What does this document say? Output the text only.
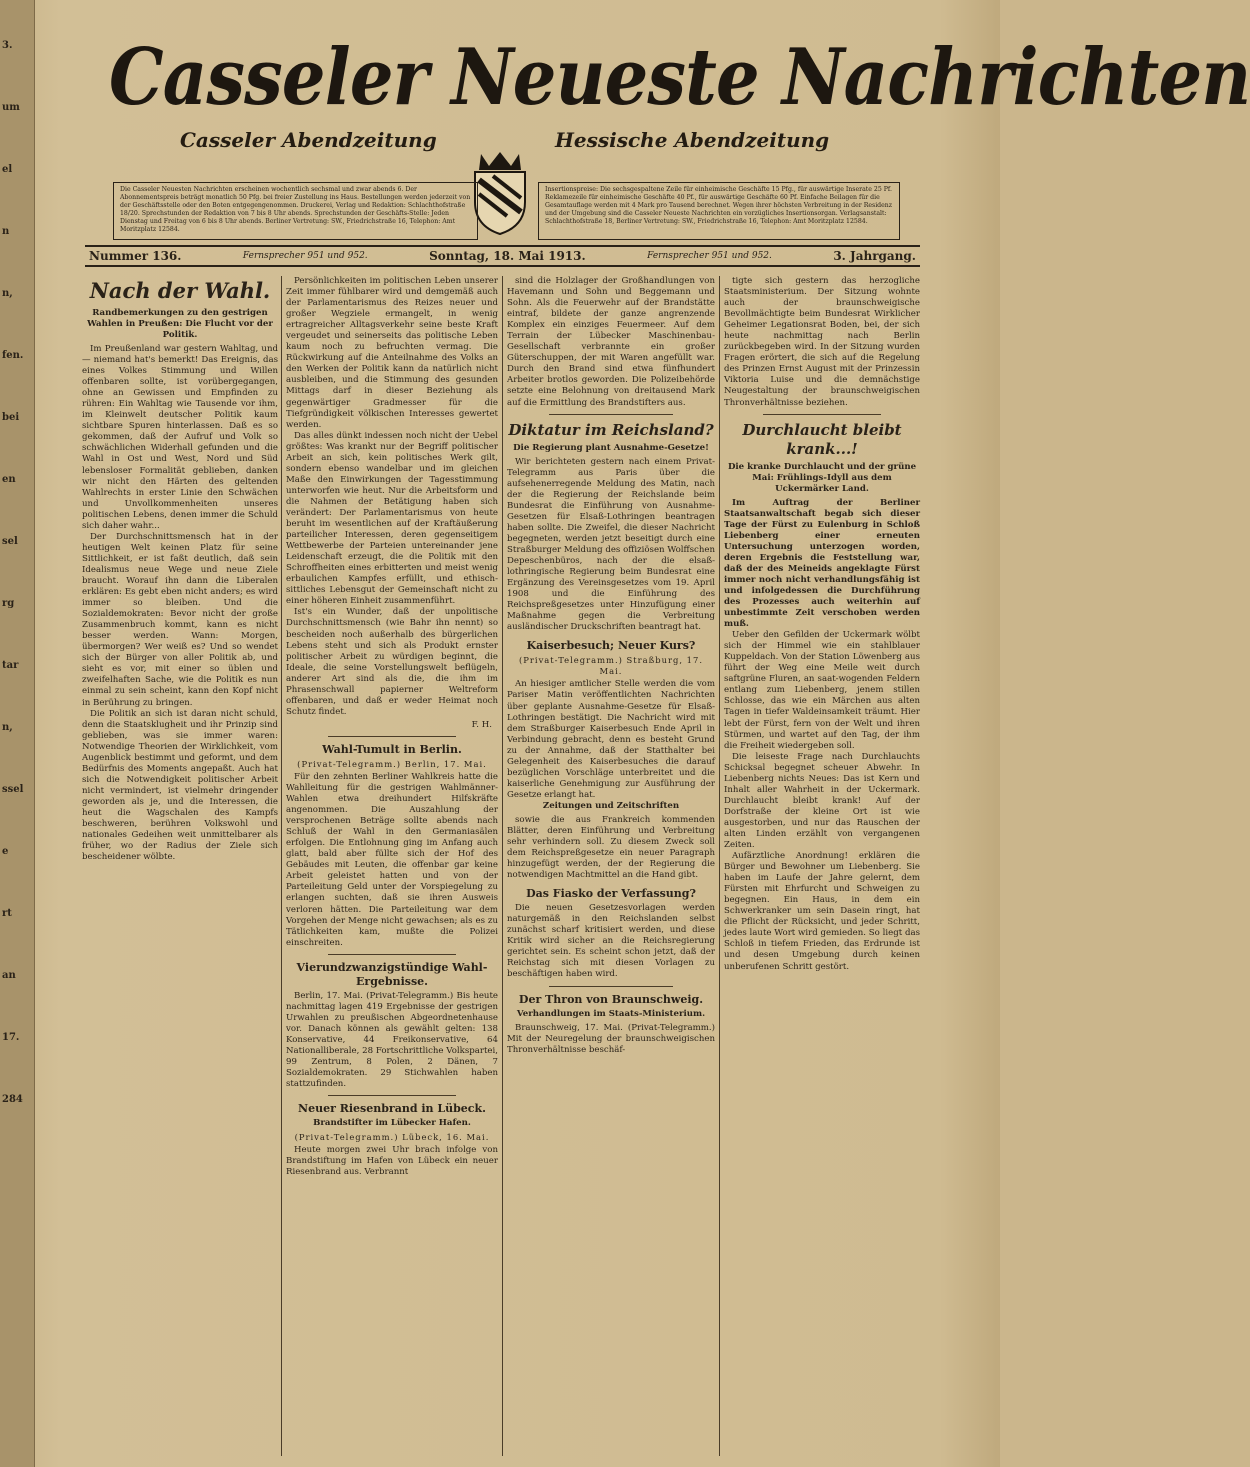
3.
um
el
n
n,
fen.
bei
en
sel
rg
tar
n,
ssel
e
rt
an
17.
284
Casseler Neueste Nachrichten
Casseler Abendzeitung	Hessische Abendzeitung
Die Casseler Neuesten Nachrichten erscheinen wochentlich sechsmal und zwar abends 6. Der Abonnementspreis beträgt monatlich 50 Pfg. bei freier Zustellung ins Haus. Bestellungen werden jederzeit von der Geschäftsstelle oder den Boten entgegengenommen. Druckerei, Verlag und Redaktion: Schlachthofstraße 18/20. Sprechstunden der Redaktion von 7 bis 8 Uhr abends. Sprechstunden der Geschäfts-Stelle: Jeden Dienstag und Freitag von 6 bis 8 Uhr abends. Berliner Vertretung: SW., Friedrichstraße 16, Telephon: Amt Moritzplatz 12584.
Insertionspreise: Die sechsgespaltene Zeile für einheimische Geschäfte 15 Pfg., für auswärtige Inserate 25 Pf. Reklamezeile für einheimische Geschäfte 40 Pf., für auswärtige Geschäfte 60 Pf. Einfache Beilagen für die Gesamtauflage werden mit 4 Mark pro Tausend berechnet. Wegen ihrer höchsten Verbreitung in der Residenz und der Umgebung sind die Casseler Neueste Nachrichten ein vorzügliches Insertionsorgan. Verlagsanstalt: Schlachthofstraße 18, Berliner Vertretung: SW., Friedrichstraße 16, Telephon: Amt Moritzplatz 12584.
Nummer 136.	Fernsprecher 951 und 952.	Sonntag, 18. Mai 1913.	Fernsprecher 951 und 952.	3. Jahrgang.
Nach der Wahl.
Randbemerkungen zu den gestrigen Wahlen in Preußen: Die Flucht vor der Politik.

Im Preußenland war gestern Wahltag, und — niemand hat's bemerkt! Das Ereignis, das eines Volkes Stimmung und Willen offenbaren sollte, ist vorübergegangen, ohne an Gewissen und Empfinden zu rühren: Ein Wahltag wie Tausende vor ihm, im Kleinwelt deutscher Politik kaum sichtbare Spuren hinterlassen. Daß es so gekommen, daß der Aufruf und Volk so schwächlichen Widerhall gefunden und die Wahl in Ost und West, Nord und Süd lebensloser Formalität geblieben, danken wir nicht den Härten des geltenden Wahlrechts in erster Linie den Schwächen und Unvollkommenheiten unseres politischen Lebens, denen immer die Schuld sich daher wahr...

Der Durchschnittsmensch hat in der heutigen Welt keinen Platz für seine Sittlichkeit, er ist faßt deutlich, daß sein Idealismus neue Wege und neue Ziele braucht. Worauf ihn dann die Liberalen erklären: Es gebt eben nicht anders; es wird immer so bleiben. Und die Sozialdemokraten: Bevor nicht der große Zusammenbruch kommt, kann es nicht besser werden. Wann: Morgen, übermorgen? Wer weiß es? Und so wendet sich der Bürger von aller Politik ab, und sieht es vor, mit einer so üblen und zweifelhaften Sache, wie die Politik es nun einmal zu sein scheint, kann den Kopf nicht in Berührung zu bringen.

Die Politik an sich ist daran nicht schuld, denn die Staatsklugheit und ihr Prinzip sind geblieben, was sie immer waren: Notwendige Theorien der Wirklichkeit, vom Augenblick bestimmt und geformt, und dem Bedürfnis des Moments angepaßt. Auch hat sich die Notwendigkeit politischer Arbeit nicht vermindert, ist vielmehr dringender geworden als je, und die Interessen, die heut die Wagschalen des Kampfs beschweren, berühren Volkswohl und nationales Gedeihen weit unmittelbarer als früher, wo der Radius der Ziele sich bescheidener wölbte.

Persönlichkeiten im politischen Leben unserer Zeit immer fühlbarer wird und demgemäß auch der Parlamentarismus des Reizes neuer und großer Wegziele ermangelt, in wenig ertragreicher Alltagsverkehr seine beste Kraft vergeudet und seinerseits das politische Leben kaum noch zu befruchten vermag. Die Rückwirkung auf die Anteilnahme des Volks an den Werken der Politik kann da natürlich nicht ausbleiben, und die Stimmung des gesunden Mittags darf in dieser Beziehung als gegenwärtiger Gradmesser für die Tiefgründigkeit völkischen Interesses gewertet werden.

Das alles dünkt indessen noch nicht der Uebel größtes: Was krankt nur der Begriff politischer Arbeit an sich, kein politisches Werk gilt, sondern ebenso wandelbar und im gleichen Maße den Einwirkungen der Tagesstimmung unterworfen wie heut. Nur die Arbeitsform und die Nahmen der Betätigung haben sich verändert: Der Parlamentarismus von heute beruht im wesentlichen auf der Kraftäußerung parteilicher Interessen, deren gegenseitigem Wettbewerbe der Parteien untereinander jene Leidenschaft erzeugt, die die Politik mit den Schroffheiten eines erbitterten und meist wenig erbaulichen Kampfes erfüllt, und ethisch-sittliches Lebensgut der Gemeinschaft nicht zu einer höheren Einheit zusammenführt.

Ist's ein Wunder, daß der unpolitische Durchschnittsmensch (wie Bahr ihn nennt) so bescheiden noch außerhalb des bürgerlichen Lebens steht und sich als Produkt ernster politischer Arbeit zu würdigen beginnt, die Ideale, die seine Vorstellungswelt beflügeln, anderer Art sind als die, die ihm im Phrasenschwall papierner Weltreform offenbaren, und daß er weder Heimat noch Schutz findet.

F. H.
Wahl-Tumult in Berlin.
(Privat-Telegramm.) Berlin, 17. Mai.

Für den zehnten Berliner Wahlkreis hatte die Wahlleitung für die gestrigen Wahlmänner-Wahlen etwa dreihundert Hilfskräfte angenommen. Die Auszahlung der versprochenen Beträge sollte abends nach Schluß der Wahl in den Germaniasälen erfolgen. Die Entlohnung ging im Anfang auch glatt, bald aber füllte sich der Hof des Gebäudes mit Leuten, die offenbar gar keine Arbeit geleistet hatten und von der Parteileitung Geld unter der Vorspiegelung zu erlangen suchten, daß sie ihren Ausweis verloren hätten. Die Parteileitung war dem Vorgehen der Menge nicht gewachsen; als es zu Tätlichkeiten kam, mußte die Polizei einschreiten.

Vierundzwanzigstündige Wahl-Ergebnisse.

Berlin, 17. Mai. (Privat-Telegramm.) Bis heute nachmittag lagen 419 Ergebnisse der gestrigen Urwahlen zu preußischen Abgeordnetenhause vor. Danach können als gewählt gelten: 138 Konservative, 44 Freikonservative, 64 Nationalliberale, 28 Fortschrittliche Volkspartei, 99 Zentrum, 8 Polen, 2 Dänen, 7 Sozialdemokraten. 29 Stichwahlen haben stattzufinden.

Neuer Riesenbrand in Lübeck.
Brandstifter im Lübecker Hafen.
(Privat-Telegramm.) Lübeck, 16. Mai.

Heute morgen zwei Uhr brach infolge von Brandstiftung im Hafen von Lübeck ein neuer Riesenbrand aus. Verbrannt

sind die Holzlager der Großhandlungen von Havemann und Sohn und Beggemann und Sohn. Als die Feuerwehr auf der Brandstätte eintraf, bildete der ganze angrenzende Komplex ein einziges Feuermeer. Auf dem Terrain der Lübecker Maschinenbau-Gesellschaft verbrannte ein großer Güterschuppen, der mit Waren angefüllt war. Durch den Brand sind etwa fünfhundert Arbeiter brotlos geworden. Die Polizeibehörde setzte eine Belohnung von dreitausend Mark auf die Ermittlung des Brandstifters aus.

Diktatur im Reichsland?
Die Regierung plant Ausnahme-Gesetze!

Wir berichteten gestern nach einem Privat-Telegramm aus Paris über die aufsehenerregende Meldung des Matin, nach der die Regierung der Reichslande beim Bundesrat die Einführung von Ausnahme-Gesetzen für Elsaß-Lothringen beantragen haben sollte. Die Zweifel, die dieser Nachricht begegneten, werden jetzt beseitigt durch eine Straßburger Meldung des offiziösen Wolffschen Depeschenbüros, nach der die elsaß-lothringische Regierung beim Bundesrat eine Ergänzung des Vereinsgesetzes vom 19. April 1908 und die Einführung des Reichspreßgesetzes unter Hinzufügung einer Maßnahme gegen die Verbreitung ausländischer Druckschriften beantragt hat.

Kaiserbesuch; Neuer Kurs?
(Privat-Telegramm.) Straßburg, 17. Mai.

An hiesiger amtlicher Stelle werden die vom Pariser Matin veröffentlichten Nachrichten über geplante Ausnahme-Gesetze für Elsaß-Lothringen bestätigt. Die Nachricht wird mit dem Straßburger Kaiserbesuch Ende April in Verbindung gebracht, denn es besteht Grund zu der Annahme, daß der Statthalter bei Gelegenheit des Kaiserbesuches die darauf bezüglichen Vorschläge unterbreitet und die kaiserliche Genehmigung zur Ausführung der Gesetze erlangt hat.

Zeitungen und Zeitschriften

sowie die aus Frankreich kommenden Blätter, deren Einführung und Verbreitung sehr verhindern soll. Zu diesem Zweck soll dem Reichspreßgesetze ein neuer Paragraph hinzugefügt werden, der der Regierung die notwendigen Machtmittel an die Hand gibt.

Das Fiasko der Verfassung?

Die neuen Gesetzesvorlagen werden naturgemäß in den Reichslanden selbst zunächst scharf kritisiert werden, und diese Kritik wird sicher an die Reichsregierung gerichtet sein. Es scheint schon jetzt, daß der Reichstag sich mit diesen Vorlagen zu beschäftigen haben wird.

Der Thron von Braunschweig.
Verhandlungen im Staats-Ministerium.

Braunschweig, 17. Mai. (Privat-Telegramm.) Mit der Neuregelung der braunschweigischen Thronverhältnisse beschäf-

tigte sich gestern das herzogliche Staatsministerium. Der Sitzung wohnte auch der braunschweigische Bevollmächtigte beim Bundesrat Wirklicher Geheimer Legationsrat Boden, bei, der sich heute nachmittag nach Berlin zurückbegeben wird. In der Sitzung wurden Fragen erörtert, die sich auf die Regelung des Prinzen Ernst August mit der Prinzessin Viktoria Luise und die demnächstige Neugestaltung der braunschweigischen Thronverhältnisse beziehen.

Durchlaucht bleibt krank...!
Die kranke Durchlaucht und der grüne Mai: Frühlings-Idyll aus dem Uckermärker Land.

Im Auftrag der Berliner Staatsanwaltschaft begab sich dieser Tage der Fürst zu Eulenburg in Schloß Liebenberg einer erneuten Untersuchung unterzogen worden, deren Ergebnis die Feststellung war, daß der des Meineids angeklagte Fürst immer noch nicht verhandlungsfähig ist und infolgedessen die Durchführung des Prozesses auch weiterhin auf unbestimmte Zeit verschoben werden muß.

Ueber den Gefilden der Uckermark wölbt sich der Himmel wie ein stahlblauer Kuppeldach. Von der Station Löwenberg aus führt der Weg eine Meile weit durch saftgrüne Fluren, an saat-wogenden Feldern entlang zum Liebenberg, jenem stillen Schlosse, das wie ein Märchen aus alten Tagen in tiefer Waldeinsamkeit träumt. Hier lebt der Fürst, fern von der Welt und ihren Stürmen, und wartet auf den Tag, der ihm die Freiheit wiedergeben soll.

Die leiseste Frage nach Durchlauchts Schicksal begegnet scheuer Abwehr. In Liebenberg nichts Neues: Das ist Kern und Inhalt aller Wahrheit in der Uckermark. Durchlaucht bleibt krank! Auf der Dorfstraße der kleine Ort ist wie ausgestorben, und nur das Rauschen der alten Linden erzählt von vergangenen Zeiten.

Aufärztliche Anordnung! erklären die Bürger und Bewohner um Liebenberg. Sie haben im Laufe der Jahre gelernt, dem Fürsten mit Ehrfurcht und Schweigen zu begegnen. Ein Haus, in dem ein Schwerkranker um sein Dasein ringt, hat die Pflicht der Rücksicht, und jeder Schritt, jedes laute Wort wird gemieden. So liegt das Schloß in tiefem Frieden, das Erdrunde ist und desen Umgebung durch keinen unberufenen Schritt gestört.
